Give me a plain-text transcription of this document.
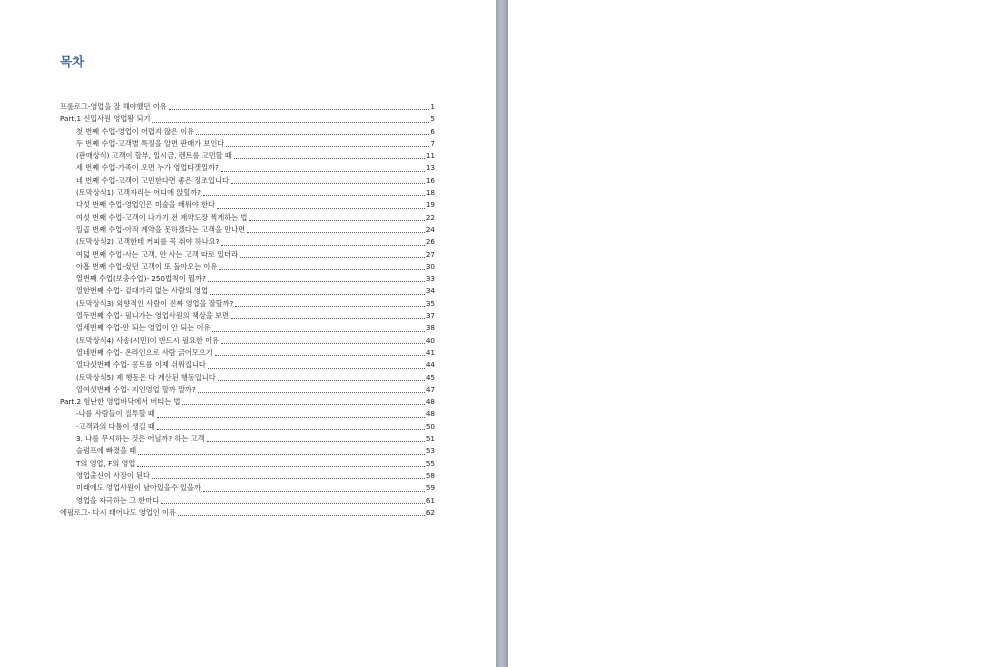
목차
프롤로그-영업을 잘 해야했던 이유	1
Part.1 신입사원 영업왕 되기	5
첫 번째 수업-영업이 어렵지 않은 이유	6
두 번째 수업-고객별 특징을 알면 판매가 보인다	7
(판매상식) 고객이 할부, 일시금, 렌트를 고민할 때	11
세 번째 수업-가족이 오면 누가 영업타겟일까?	13
네 번째 수업-고객이 고민한다면 좋은 징조입니다	16
(토막상식1) 고객자리는 어디에 앉힐까?	18
다섯 번째 수업-영업인은 미술을 배워야 한다	19
여섯 번째 수업-고객이 나가기 전 계약도장 찍게하는 법	22
일곱 번째 수업-아직 계약을 못하겠다는 고객을 만나면	24
(토막상식2) 고객한테 커피를 꼭 줘야 하나요?	26
여덟 번째 수업-사는 고객, 안 사는 고객 따로 있더라	27
아홉 번째 수업-샀던 고객이 또 돌아오는 이유	30
열번째 수업(보충수업)- 250법칙이 뭘까?	33
열한번째 수업- 겉대가리 없는 사람의 영업	34
(토막상식3) 외향적인 사람이 진짜 영업을 잘할까?	35
열두번째 수업- 필니가는 영업사원의 책상을 보면	37
열세번째 수업-안 되는 영업이 안 되는 이유	38
(토막상식4) 사송(시민)이 반드시 필요한 이유	40
열네번째 수업- 온라인으로 사람 긁어모으기	41
열다섯번째 수업- 콩트를 이제 쉬워집니다	44
(토막상식5) 제 행동은 다 계산된 행동입니다	45
열여섯번째 수업- 지인영업 할까 말까?	47
Part.2 험난한 영업바닥에서 버티는 법	48
-나를 사람들이 질투할 때	48
-고객과의 다툼이 생길 때	50
3. 나를 무시하는 것은 어닐까? 하는 고객	51
슬럼프에 빠졌을 때	53
T의 영업, F의 영업	55
영업출신이 사장이 된다	58
미래에도 영업사원이 남아있을수 있을까	59
영업을 자극하는 그 한마디	61
에필로그- 다시 태어나도 영업인 이유	62
